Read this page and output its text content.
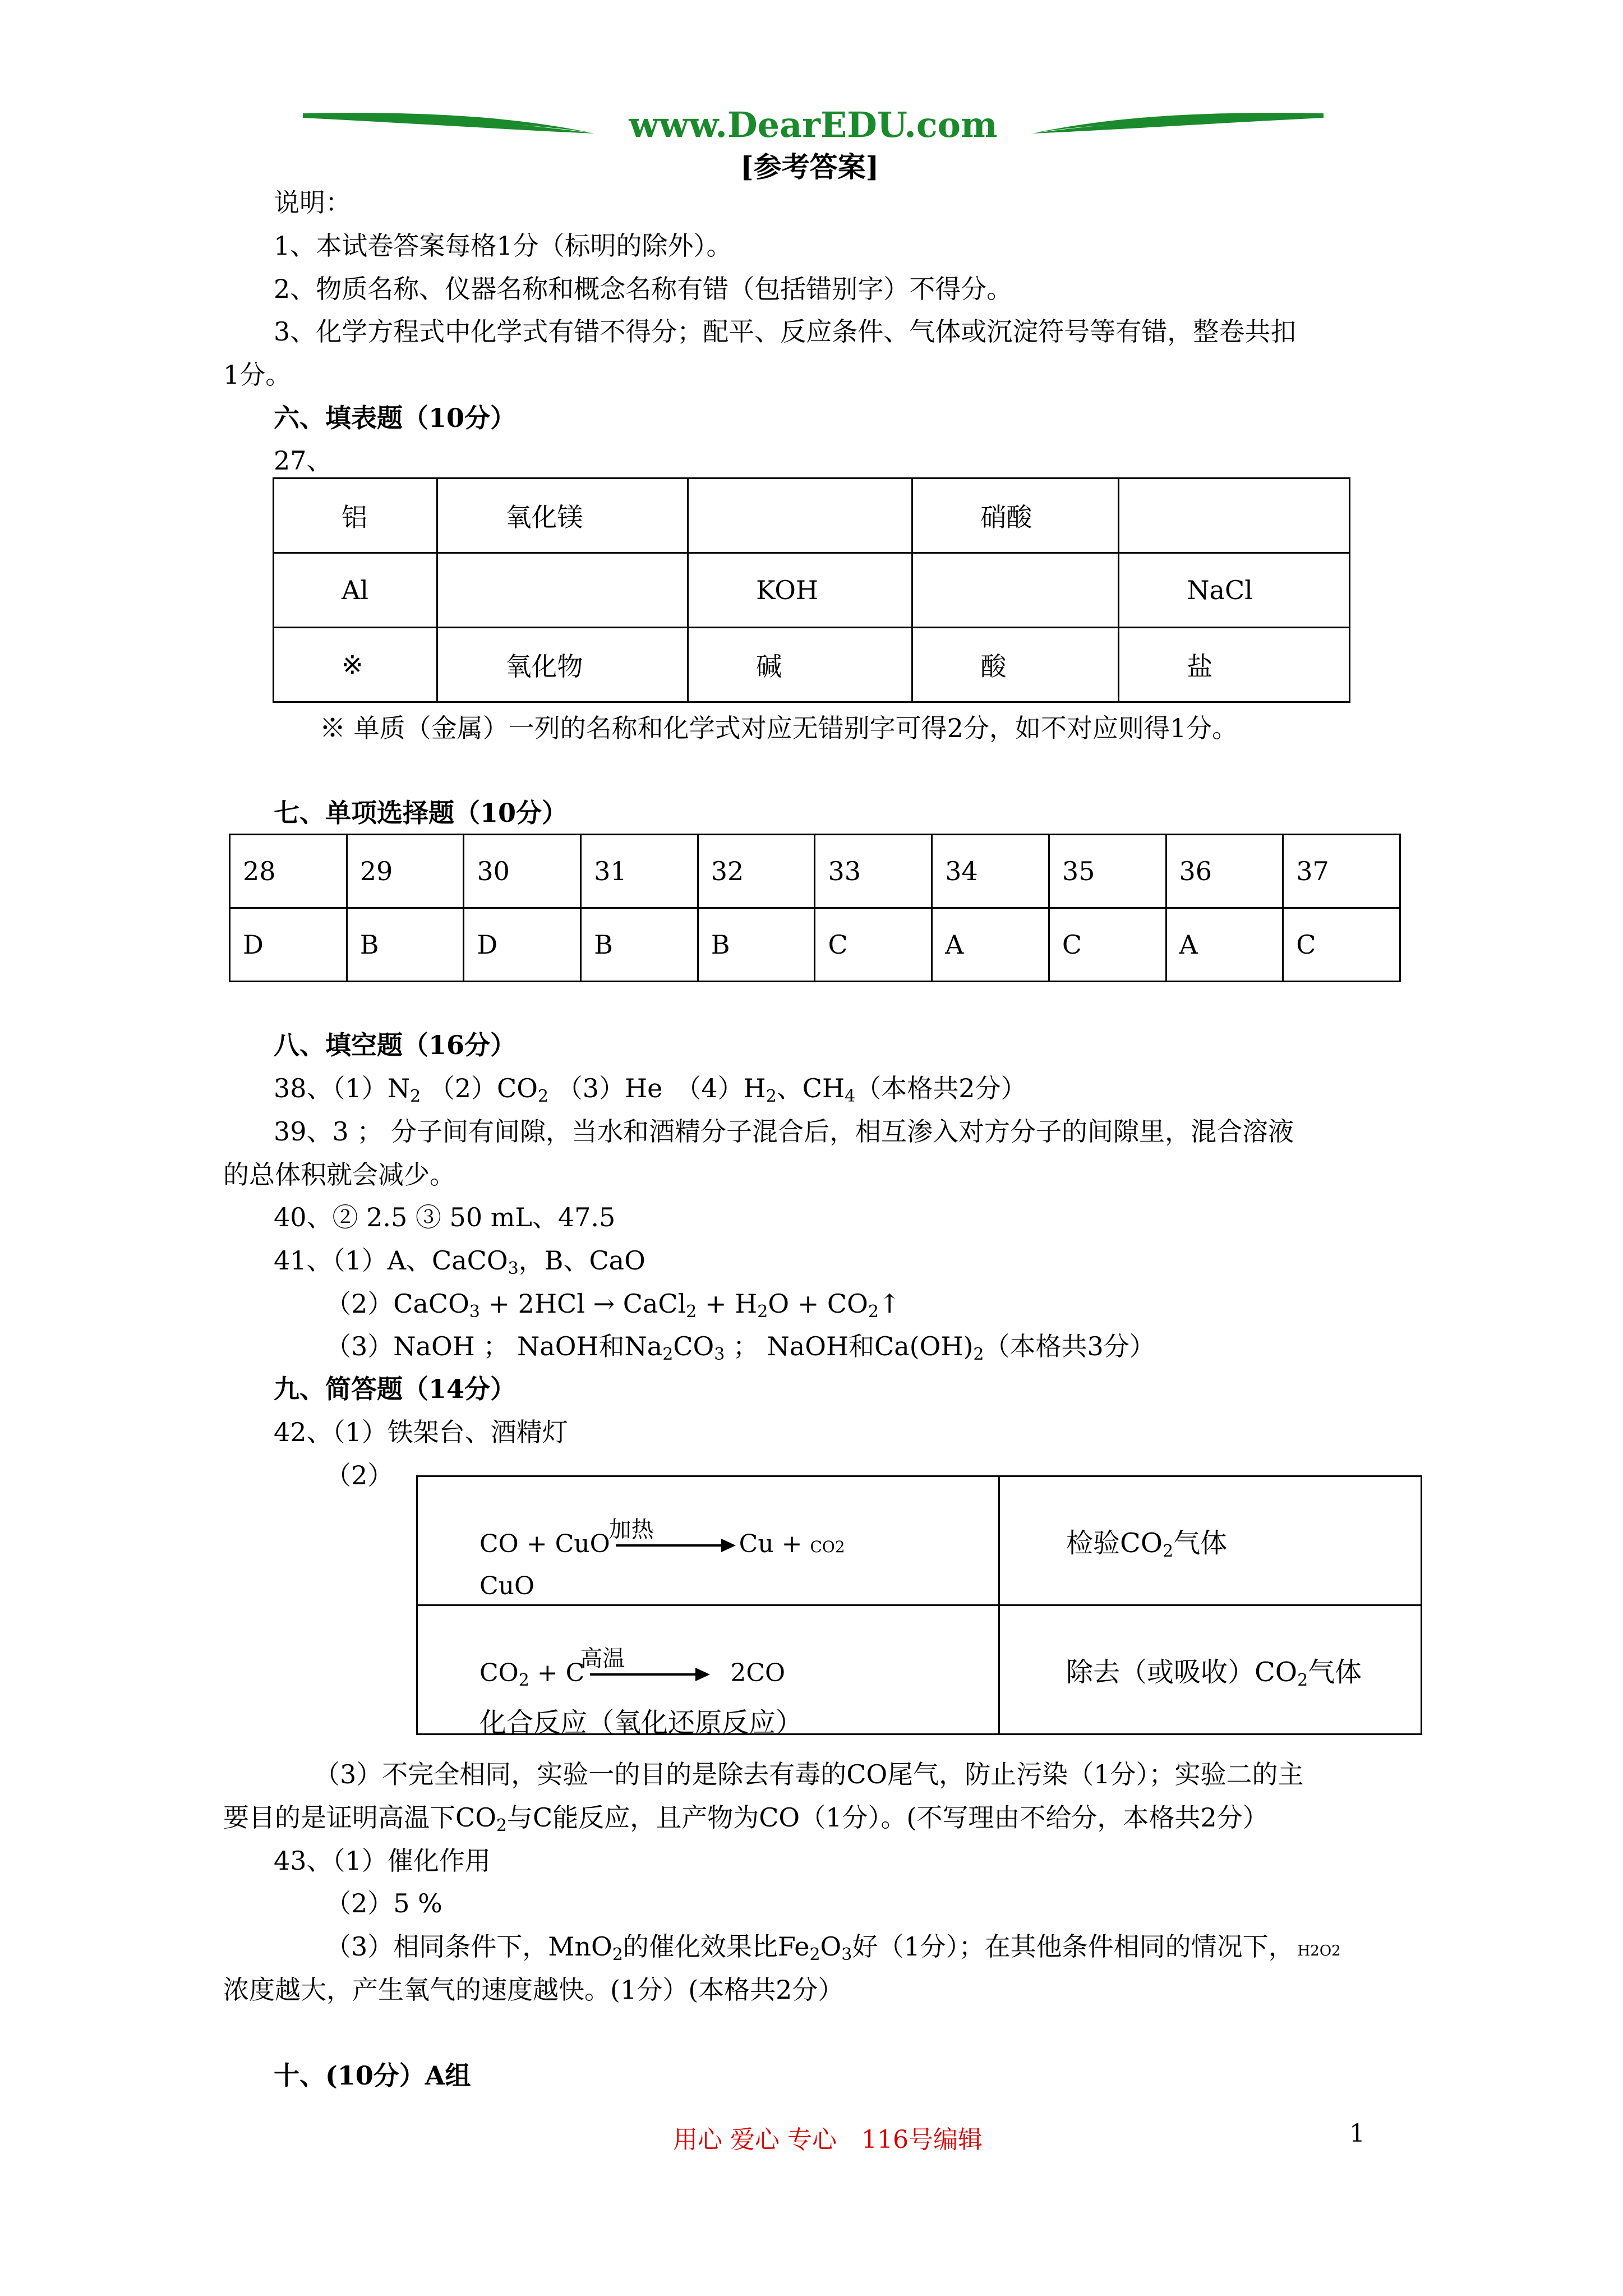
www.DearEDU.com
[参考答案]
说明：
1、本试卷答案每格1分（标明的除外）。
2、物质名称、仪器名称和概念名称有错（包括错别字）不得分。
3、化学方程式中化学式有错不得分；配平、反应条件、气体或沉淀符号等有错，整卷共扣
1分。
六、填表题（10分）
27、
铝	氧化镁		硝酸	
Al		KOH		NaCl
※	氧化物	碱	酸	盐
※ 单质（金属）一列的名称和化学式对应无错别字可得2分，如不对应则得1分。
七、单项选择题（10分）
28	29	30	31	32	33	34	35	36	37
D	B	D	B	B	C	A	C	A	C
八、填空题（16分）
38、$(1)N_2$ $(2)CO_2$ （3）He　$(4)H_2$、$CH_4$（本格共2分）
39、3 ； 分子间有间隙，当水和酒精分子混合后，相互渗入对方分子的间隙里，混合溶液
的总体积就会减少。
40、② 2.5 ③ 50 mL、47.5
41、（1）A、CaCO$_3$，B、CaO
（2）CaCO$_3$ + 2HCl → CaCl$_2$ + $H_2O$ + $CO_2↑$
（3）NaOH ； NaOH和$Na_2CO_3$ ； NaOH和$Ca(OH)_2$（本格共3分）
九、简答题（14分）
42、（1）铁架台、酒精灯
（2）
CO + CuO
加热 Cu + CO2
CuO	检验$CO_2$气体

$CO_2 + C$
高温 2CO
化合反应（氧化还原反应）	除去（或吸收）$CO_2$气体
（3）不完全相同，实验一的目的是除去有毒的CO尾气，防止污染（1分）；实验二的主
要目的是证明高温下$CO_2$与C能反应，且产物为CO（1分）。(不写理由不给分，本格共2分）
43、（1）催化作用
（2）5 %
（3）相同条件下，MnO$_2$的催化效果比$Fe_2O_3$好（1分）；在其他条件相同的情况下， H2O2
浓度越大，产生氧气的速度越快。(1分）(本格共2分）
十、(10分）A组
用心 爱心 专心　116号编辑	1
